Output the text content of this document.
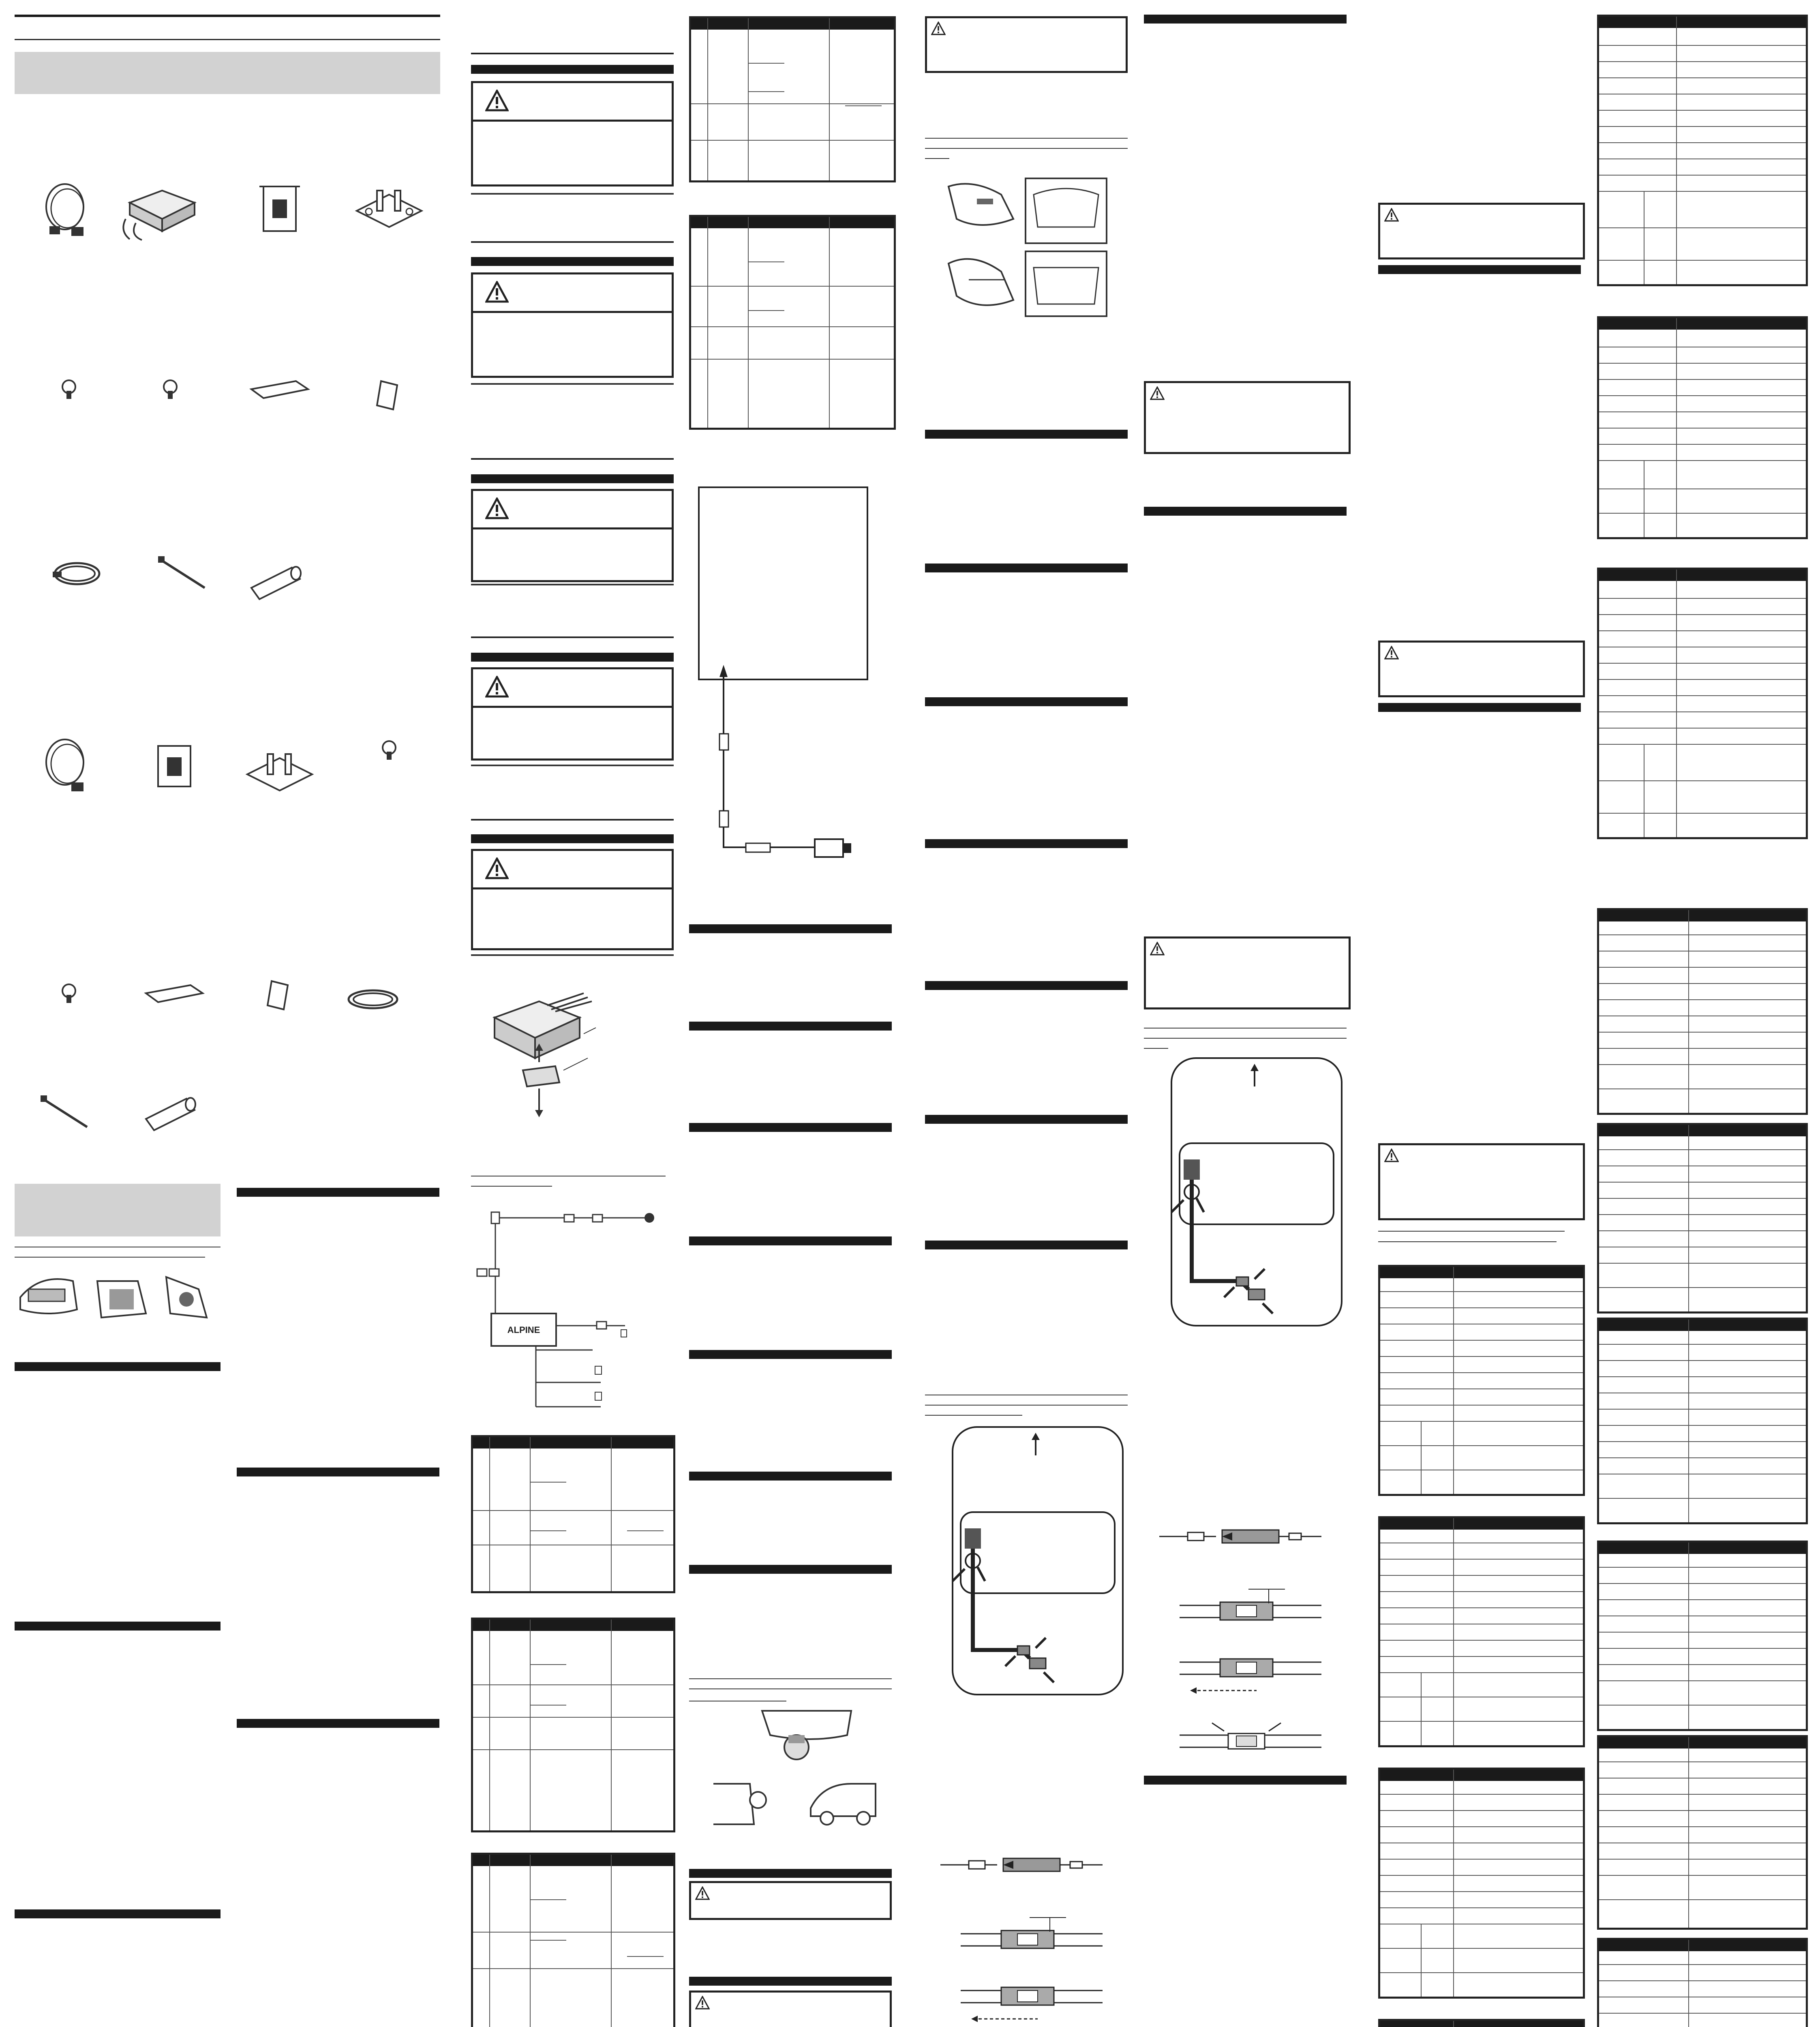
ALPINE
